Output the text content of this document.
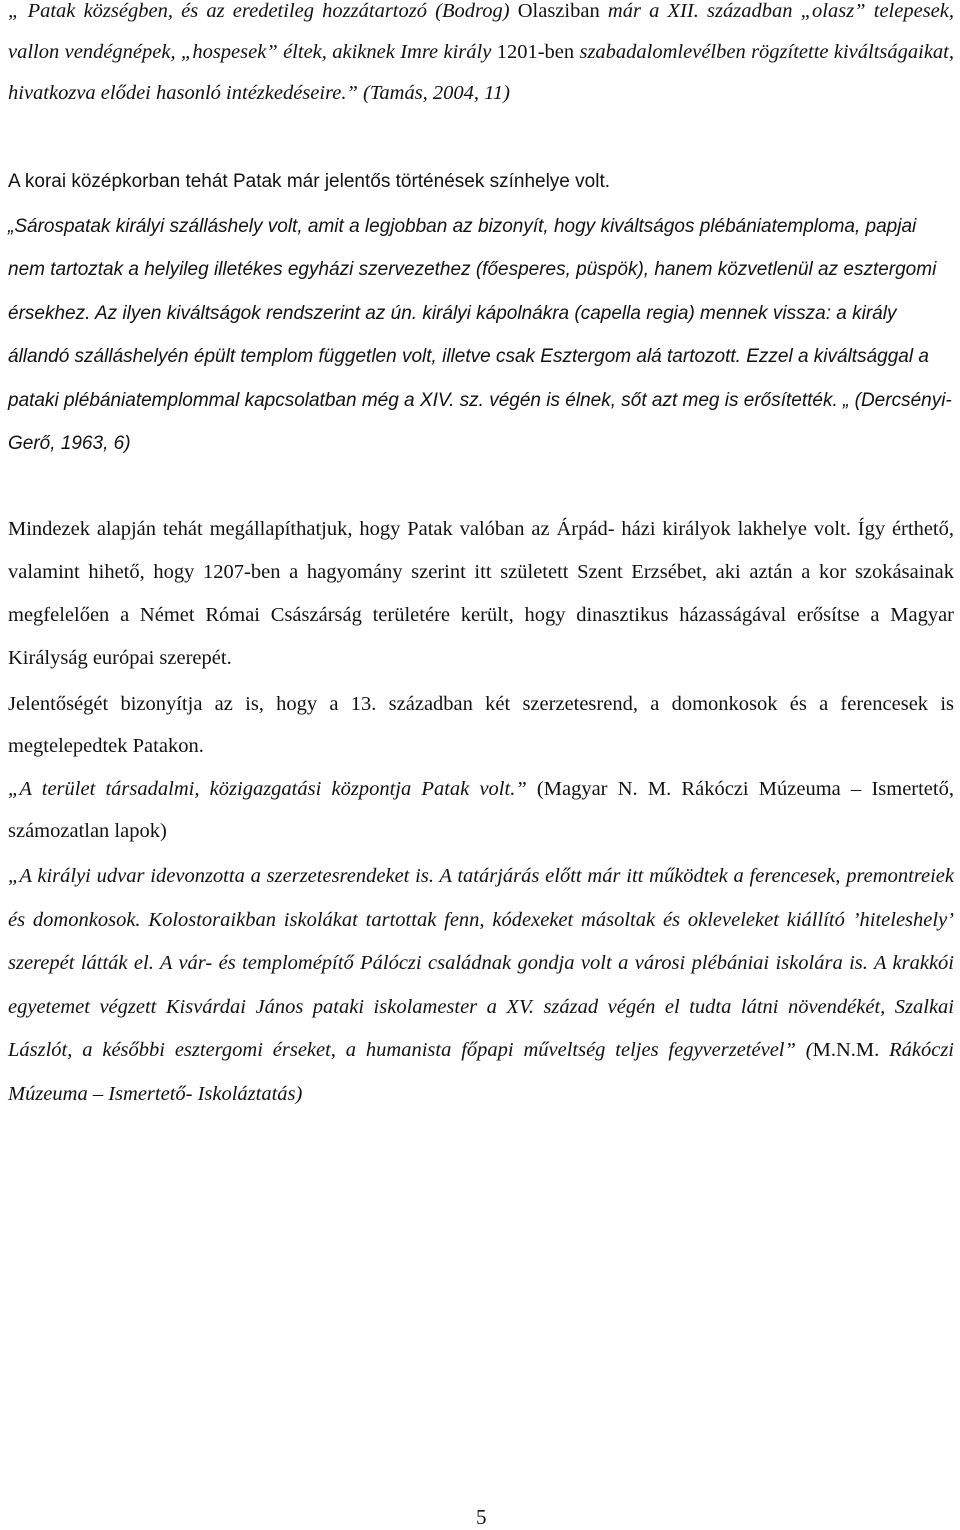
„ Patak községben, és az eredetileg hozzátartozó (Bodrog) Olasziban már a XII. században „olasz” telepesek, vallon vendégnépek, „hospesek” éltek, akiknek Imre király 1201-ben szabadalomlevélben rögzítette kiváltságaikat, hivatkozva elődei hasonló intézkedéseire.” (Tamás, 2004, 11)

A korai középkorban tehát Patak már jelentős történések színhelye volt.

„Sárospatak királyi szálláshely volt, amit a legjobban az bizonyít, hogy kiváltságos plébániatemploma, papjai nem tartoztak a helyileg illetékes egyházi szervezethez (főesperes, püspök), hanem közvetlenül az esztergomi érsekhez. Az ilyen kiváltságok rendszerint az ún. királyi kápolnákra (capella regia) mennek vissza: a király állandó szálláshelyén épült templom független volt, illetve csak Esztergom alá tartozott. Ezzel a kiváltsággal a pataki plébániatemplommal kapcsolatban még a XIV. sz. végén is élnek, sőt azt meg is erősítették. „ (Dercsényi- Gerő, 1963, 6)

Mindezek alapján tehát megállapíthatjuk, hogy Patak valóban az Árpád- házi királyok lakhelye volt. Így érthető, valamint hihető, hogy 1207-ben a hagyomány szerint itt született Szent Erzsébet, aki aztán a kor szokásainak megfelelően a Német Római Császárság területére került, hogy dinasztikus házasságával erősítse a Magyar Királyság európai szerepét.

Jelentőségét bizonyítja az is, hogy a 13. században két szerzetesrend, a domonkosok és a ferencesek is megtelepedtek Patakon.

„A terület társadalmi, közigazgatási központja Patak volt.” (Magyar N. M. Rákóczi Múzeuma – Ismertető, számozatlan lapok)

„A királyi udvar idevonzotta a szerzetesrendeket is. A tatárjárás előtt már itt működtek a ferencesek, premontreiek és domonkosok. Kolostoraikban iskolákat tartottak fenn, kódexeket másoltak és okleveleket kiállító ’hiteleshely’ szerepét látták el. A vár- és templomépítő Pálóczi családnak gondja volt a városi plébániai iskolára is. A krakkói egyetemet végzett Kisvárdai János pataki iskolamester a XV. század végén el tudta látni növendékét, Szalkai Lászlót, a későbbi esztergomi érseket, a humanista főpapi műveltség teljes fegyverzetével” (M.N.M. Rákóczi Múzeuma – Ismertető- Iskoláztatás)

5
